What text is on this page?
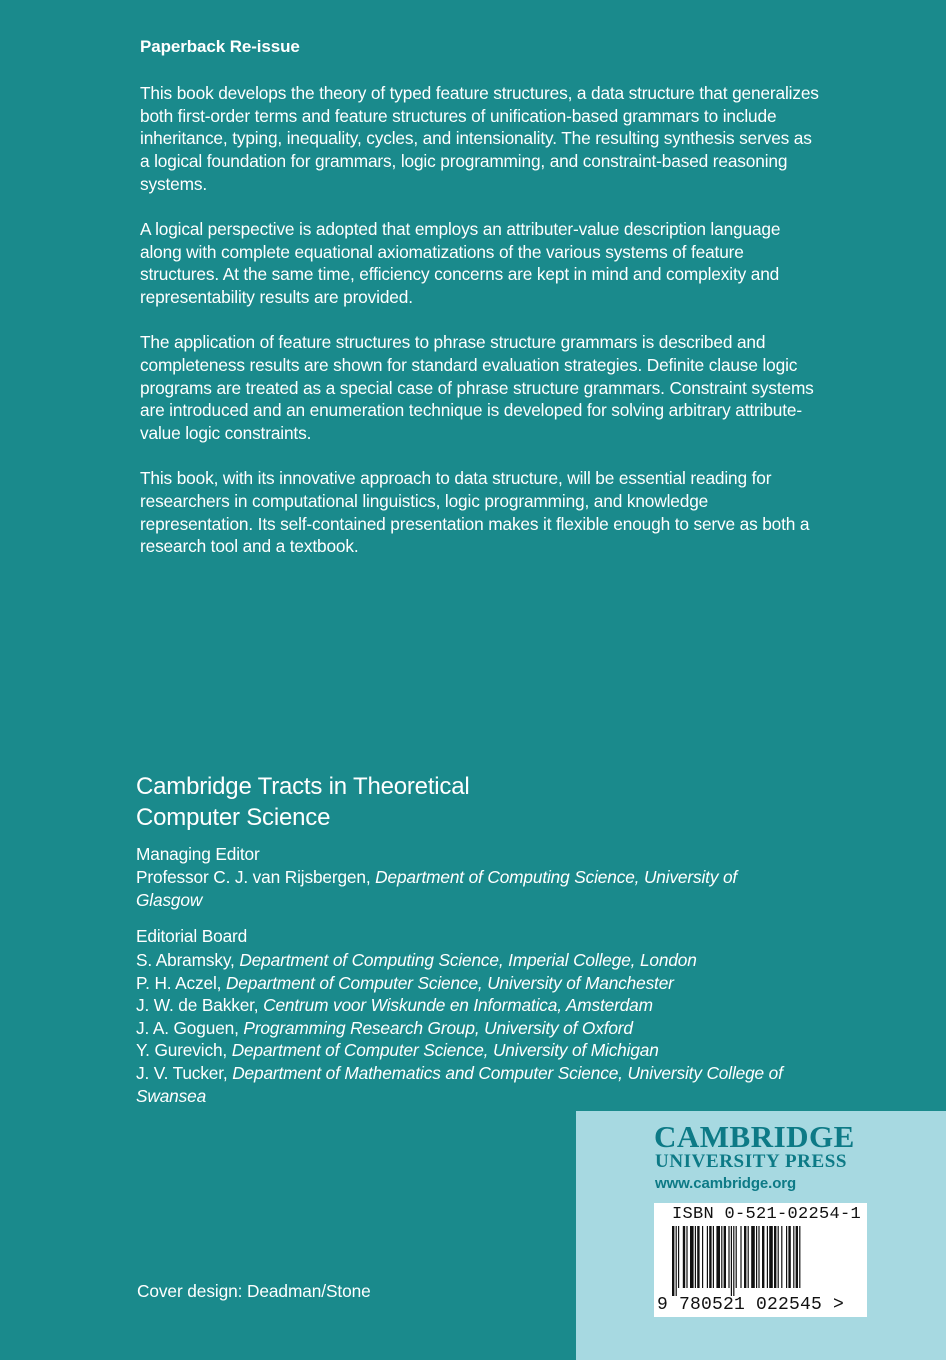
Paperback Re-issue

This book develops the theory of typed feature structures, a data structure that generalizes both first-order terms and feature structures of unification-based grammars to include inheritance, typing, inequality, cycles, and intensionality. The resulting synthesis serves as a logical foundation for grammars, logic programming, and constraint-based reasoning systems.

A logical perspective is adopted that employs an attributer-value description language along with complete equational axiomatizations of the various systems of feature structures. At the same time, efficiency concerns are kept in mind and complexity and representability results are provided.

The application of feature structures to phrase structure grammars is described and completeness results are shown for standard evaluation strategies. Definite clause logic programs are treated as a special case of phrase structure grammars. Constraint systems are introduced and an enumeration technique is developed for solving arbitrary attribute-value logic constraints.

This book, with its innovative approach to data structure, will be essential reading for researchers in computational linguistics, logic programming, and knowledge representation. Its self-contained presentation makes it flexible enough to serve as both a research tool and a textbook.

Cambridge Tracts in Theoretical
Computer Science
Managing Editor
Professor C. J. van Rijsbergen, Department of Computing Science, University of Glasgow
Editorial Board
S. Abramsky, Department of Computing Science, Imperial College, London
P. H. Aczel, Department of Computer Science, University of Manchester
J. W. de Bakker, Centrum voor Wiskunde en Informatica, Amsterdam
J. A. Goguen, Programming Research Group, University of Oxford
Y. Gurevich, Department of Computer Science, University of Michigan
J. V. Tucker, Department of Mathematics and Computer Science, University College of Swansea
Cover design: Deadman/Stone
CAMBRIDGE
UNIVERSITY PRESS
www.cambridge.org
ISBN 0-521-02254-1
9 780521 022545 >
